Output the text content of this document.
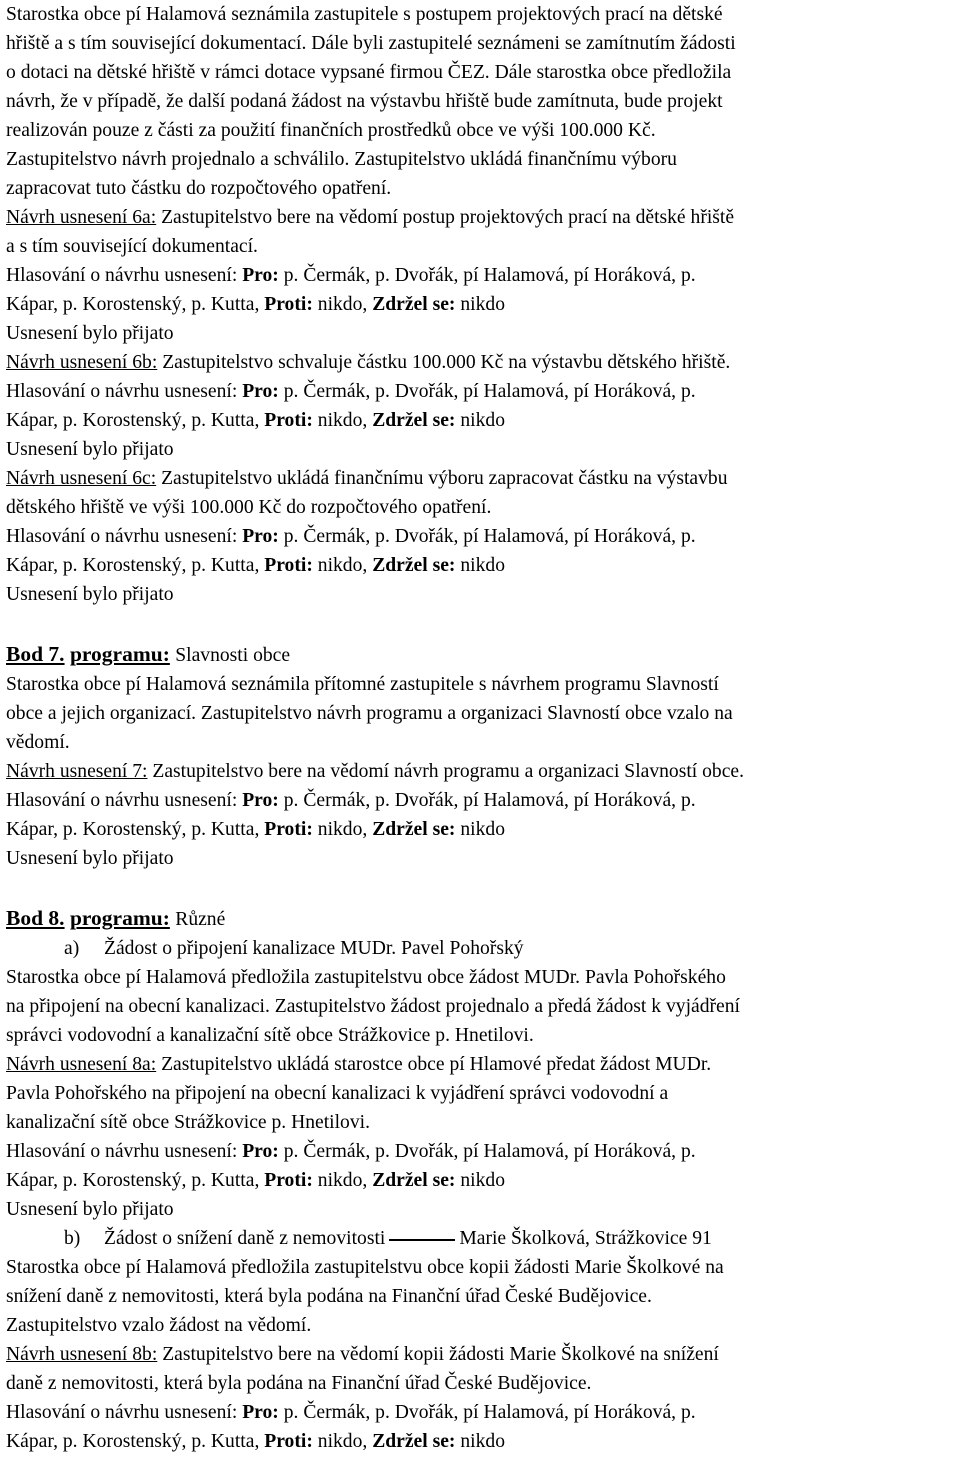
Starostka obce pí Halamová seznámila zastupitele s postupem projektových prací na dětské

hřiště a s tím související dokumentací. Dále byli zastupitelé seznámeni se zamítnutím žádosti

o dotaci na dětské hřiště v rámci dotace vypsané firmou ČEZ. Dále starostka obce předložila

návrh, že v případě, že další podaná žádost na výstavbu hřiště bude zamítnuta, bude projekt

realizován pouze z části za použití finančních prostředků obce ve výši 100.000 Kč.

Zastupitelstvo návrh projednalo a schválilo. Zastupitelstvo ukládá finančnímu výboru

zapracovat tuto částku do rozpočtového opatření.

Návrh usnesení 6a: Zastupitelstvo bere na vědomí postup projektových prací na dětské hřiště

a s tím související dokumentací.

Hlasování o návrhu usnesení: Pro: p. Čermák, p. Dvořák, pí Halamová, pí Horáková, p.

Kápar, p. Korostenský, p. Kutta, Proti: nikdo, Zdržel se: nikdo

Usnesení bylo přijato

Návrh usnesení 6b: Zastupitelstvo schvaluje částku 100.000 Kč na výstavbu dětského hřiště.

Hlasování o návrhu usnesení: Pro: p. Čermák, p. Dvořák, pí Halamová, pí Horáková, p.

Kápar, p. Korostenský, p. Kutta, Proti: nikdo, Zdržel se: nikdo

Usnesení bylo přijato

Návrh usnesení 6c: Zastupitelstvo ukládá finančnímu výboru zapracovat částku na výstavbu

dětského hřiště ve výši 100.000 Kč do rozpočtového opatření.

Hlasování o návrhu usnesení: Pro: p. Čermák, p. Dvořák, pí Halamová, pí Horáková, p.

Kápar, p. Korostenský, p. Kutta, Proti: nikdo, Zdržel se: nikdo

Usnesení bylo přijato

Bod 7. programu: Slavnosti obce

Starostka obce pí Halamová seznámila přítomné zastupitele s návrhem programu Slavností

obce a jejich organizací. Zastupitelstvo návrh programu a organizaci Slavností obce vzalo na

vědomí.

Návrh usnesení 7: Zastupitelstvo bere na vědomí návrh programu a organizaci Slavností obce.

Hlasování o návrhu usnesení: Pro: p. Čermák, p. Dvořák, pí Halamová, pí Horáková, p.

Kápar, p. Korostenský, p. Kutta, Proti: nikdo, Zdržel se: nikdo

Usnesení bylo přijato

Bod 8. programu: Různé

a) Žádost o připojení kanalizace MUDr. Pavel Pohořský

Starostka obce pí Halamová předložila zastupitelstvu obce žádost MUDr. Pavla Pohořského

na připojení na obecní kanalizaci. Zastupitelstvo žádost projednalo a předá žádost k vyjádření

správci vodovodní a kanalizační sítě obce Strážkovice p. Hnetilovi.

Návrh usnesení 8a: Zastupitelstvo ukládá starostce obce pí Hlamové předat žádost MUDr.

Pavla Pohořského na připojení na obecní kanalizaci k vyjádření správci vodovodní a

kanalizační sítě obce Strážkovice p. Hnetilovi.

Hlasování o návrhu usnesení: Pro: p. Čermák, p. Dvořák, pí Halamová, pí Horáková, p.

Kápar, p. Korostenský, p. Kutta, Proti: nikdo, Zdržel se: nikdo

Usnesení bylo přijato

b) Žádost o snížení daně z nemovitosti	Marie Školková, Strážkovice 91

Starostka obce pí Halamová předložila zastupitelstvu obce kopii žádosti Marie Školkové na

snížení daně z nemovitosti, která byla podána na Finanční úřad České Budějovice.

Zastupitelstvo vzalo žádost na vědomí.

Návrh usnesení 8b: Zastupitelstvo bere na vědomí kopii žádosti Marie Školkové na snížení

daně z nemovitosti, která byla podána na Finanční úřad České Budějovice.

Hlasování o návrhu usnesení: Pro: p. Čermák, p. Dvořák, pí Halamová, pí Horáková, p.

Kápar, p. Korostenský, p. Kutta, Proti: nikdo, Zdržel se: nikdo
